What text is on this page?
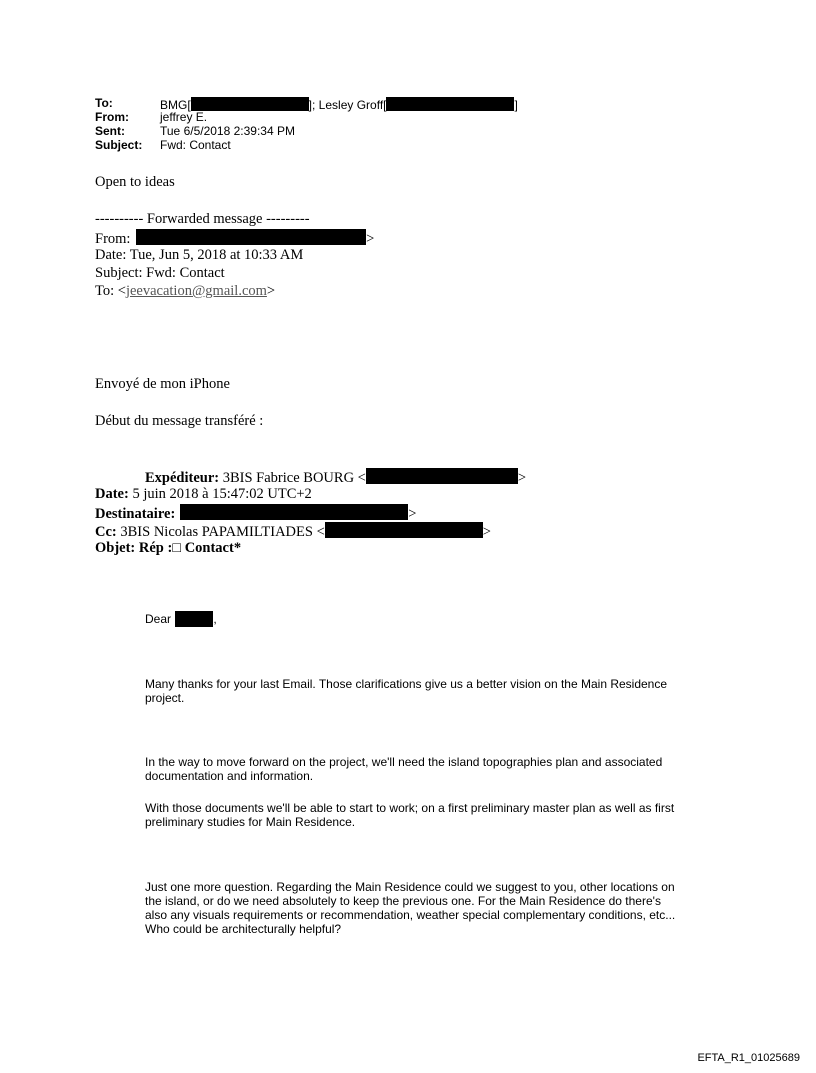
To:	BMG[	]; Lesley Groff[	]
From:	jeffrey E.
Sent:	Tue 6/5/2018 2:39:34 PM
Subject: Fwd: Contact
Open to ideas
---------- Forwarded message ---------
From:	>
Date: Tue, Jun 5, 2018 at 10:33 AM
Subject: Fwd: Contact
To: <jeevacation@gmail.com>
Envoyé de mon iPhone
Début du message transféré :
Expéditeur: 3BIS Fabrice BOURG <	>
Date: 5 juin 2018 à 15:47:02 UTC+2
Destinataire:	>
Cc: 3BIS Nicolas PAPAMILTIADES <	>
Objet: Rép :□ Contact*
Dear	,
Many thanks for your last Email. Those clarifications give us a better vision on the Main Residence project.
In the way to move forward on the project, we'll need the island topographies plan and associated documentation and information.
With those documents we'll be able to start to work; on a first preliminary master plan as well as first preliminary studies for Main Residence.
Just one more question. Regarding the Main Residence could we suggest to you, other locations on the island, or do we need absolutely to keep the previous one. For the Main Residence do there's also any visuals requirements or recommendation, weather special complementary conditions, etc... Who could be architecturally helpful?
EFTA_R1_01025689
